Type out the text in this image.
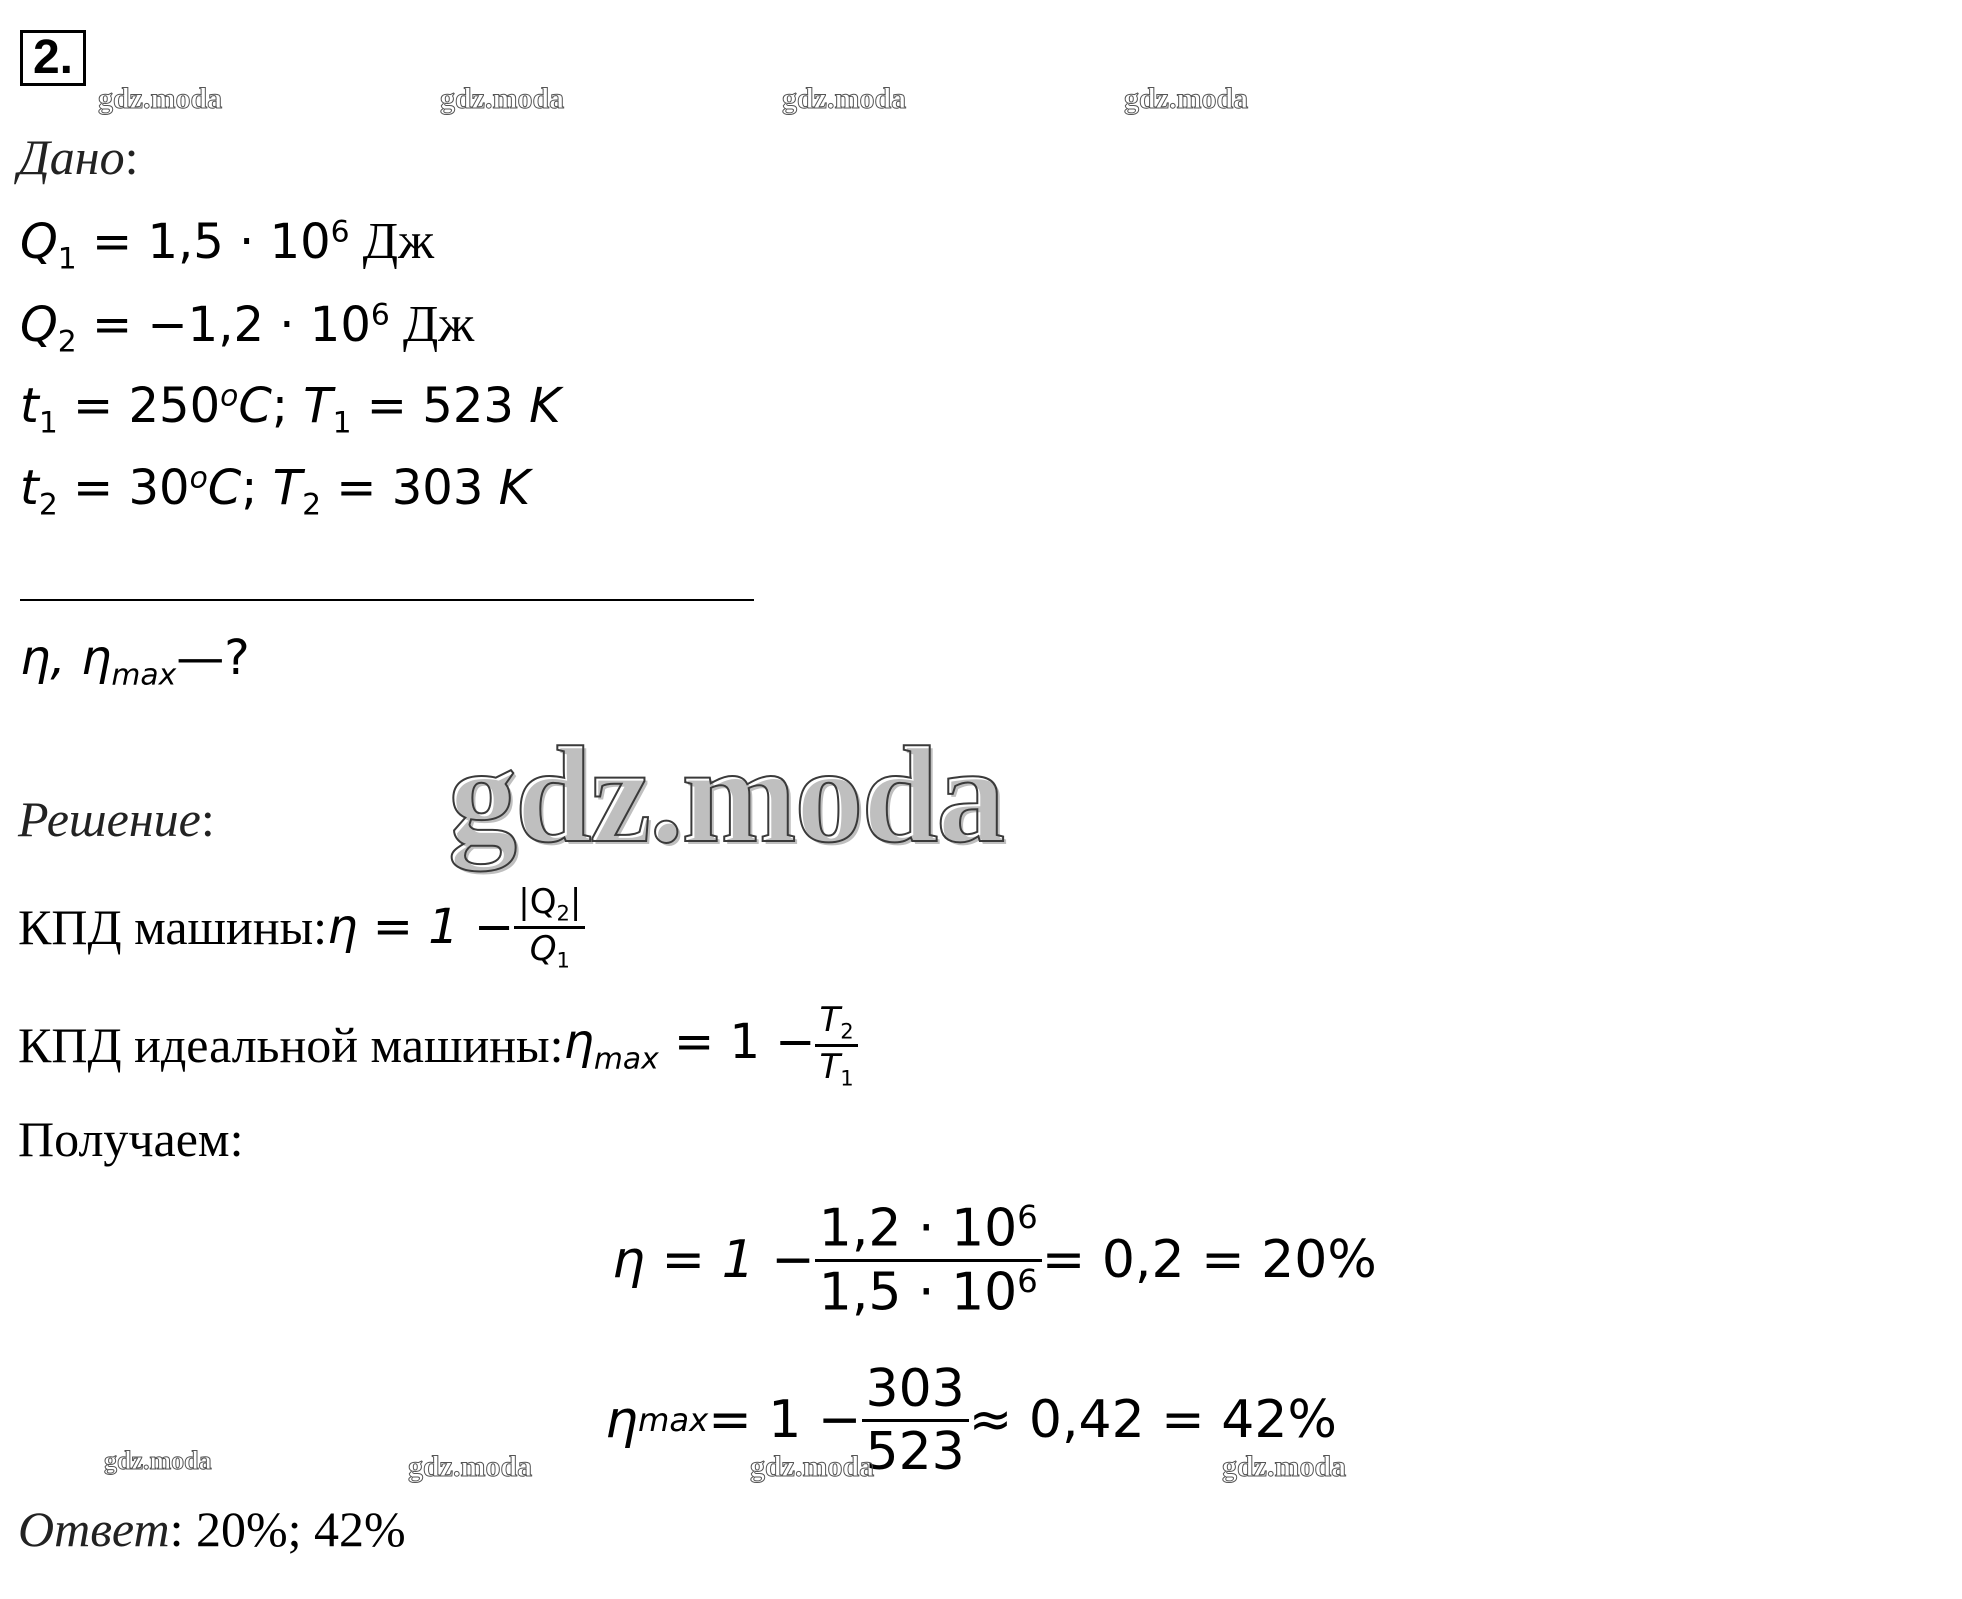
2.
gdz.moda	gdz.moda	gdz.moda	gdz.moda
Дано:
$Q_1 = 1,5 \cdot 10^6$ Дж
$Q_2 = -1,2 \cdot 10^6$ Дж
$t_1 = 250^oC$; $T_1 = 523$ K
$t_2 = 30^oC$; $T_2 = 303$ K
η, $\eta_{max}—$?
gdz.moda
Решение:
КПД машины: $\eta = 1 - \frac{|Q_2|}{Q_1}$
КПД идеальной машины: $\eta_{max} = 1 - \frac{T_2}{T_1}$
Получаем:
$\eta = 1 - \frac{1,2 \cdot 10^6}{1,5 \cdot 10^6} = 0,2 = 20\%$
η $\max = 1 - \frac{303}{523} \approx 0,42 = 42\%$
gdz.moda	gdz.moda	gdz.moda	gdz.moda
Ответ: 20%; 42%
